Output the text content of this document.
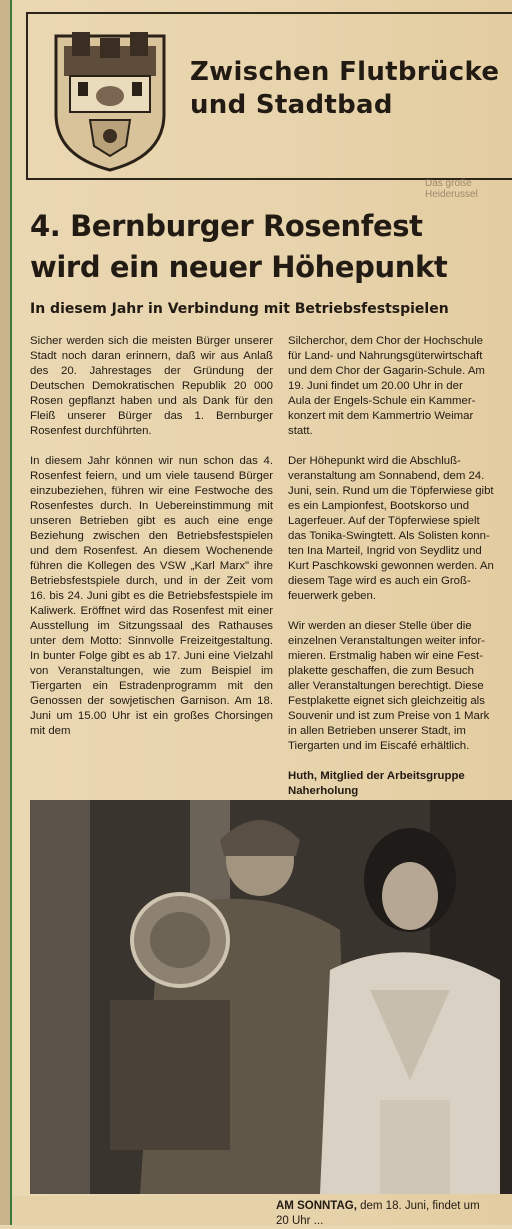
Zwischen Flutbrücke
und Stadtbad
Das große Heiderussel
4. Bernburger Rosenfest
wird ein neuer Höhepunkt
In diesem Jahr in Verbindung mit Betriebsfestspielen

Sicher werden sich die meisten Bürger unserer Stadt noch daran erinnern, daß wir aus Anlaß des 20. Jahrestages der Gründung der Deutschen Demokratischen Republik 20 000 Rosen gepflanzt haben und als Dank für den Fleiß unserer Bürger das 1. Bernburger Rosenfest durchführten.

In diesem Jahr können wir nun schon das 4. Rosenfest feiern, und um viele tausend Bürger einzubeziehen, führen wir eine Festwoche des Rosenfestes durch. In Uebereinstimmung mit unseren Betrieben gibt es auch eine enge Beziehung zwischen den Betriebsfestspielen und dem Rosenfest. An diesem Wochenende führen die Kollegen des VSW „Karl Marx" ihre Betriebsfestspiele durch, und in der Zeit vom 16. bis 24. Juni gibt es die Betriebsfestspiele im Kaliwerk. Eröffnet wird das Rosenfest mit einer Ausstellung im Sitzungssaal des Rathauses unter dem Motto: Sinnvolle Freizeitgestaltung. In bunter Folge gibt es ab 17. Juni eine Vielzahl von Veranstaltungen, wie zum Beispiel im Tiergarten ein Estradenprogramm mit den Genossen der sowjetischen Garnison. Am 18. Juni um 15.00 Uhr ist ein großes Chorsingen mit dem

Silcherchor, dem Chor der Hochschule
für Land- und Nahrungsgüterwirtschaft
und dem Chor der Gagarin-Schule. Am
19. Juni findet um 20.00 Uhr in der
Aula der Engels-Schule ein Kammer-
konzert mit dem Kammertrio Weimar
statt.

Der Höhepunkt wird die Abschluß-
veranstaltung am Sonnabend, dem 24.
Juni, sein. Rund um die Töpferwiese gibt
es ein Lampionfest, Bootskorso und
Lagerfeuer. Auf der Töpferwiese spielt
das Tonika-Swingtett. Als Solisten konn-
ten Ina Marteil, Ingrid von Seydlitz und
Kurt Paschkowski gewonnen werden. An
diesem Tage wird es auch ein Groß-
feuerwerk geben.

Wir werden an dieser Stelle über die
einzelnen Veranstaltungen weiter infor-
mieren. Erstmalig haben wir eine Fest-
plakette geschaffen, die zum Besuch
aller Veranstaltungen berechtigt. Diese
Festplakette eignet sich gleichzeitig als
Souvenir und ist zum Preise von 1 Mark
in allen Betrieben unserer Stadt, im
Tiergarten und im Eiscafé erhältlich.

Huth, Mitglied der Arbeitsgruppe
Naherholung

AM SONNTAG, dem 18. Juni, findet um
20 Uhr ...
